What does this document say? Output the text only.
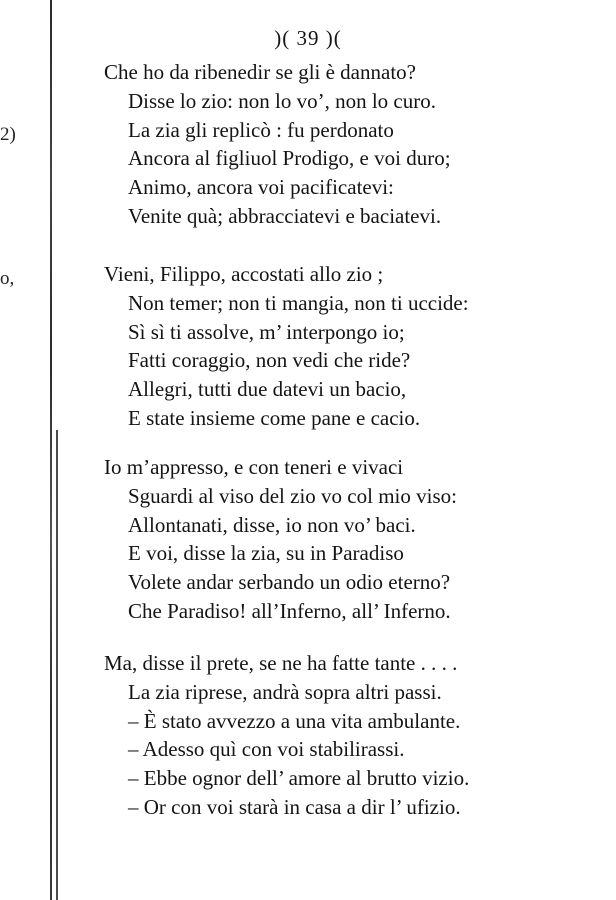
2)
o,
)( 39 )(
Che ho da ribenedir se gli è dannato?
Disse lo zio: non lo vo’, non lo curo.
La zia gli replicò : fu perdonato
Ancora al figliuol Prodigo, e voi duro;
Animo, ancora voi pacificatevi:
Venite quà; abbracciatevi e baciatevi.
Vieni, Filippo, accostati allo zio ;
Non temer; non ti mangia, non ti uccide:
Sì sì ti assolve, m’ interpongo io;
Fatti coraggio, non vedi che ride?
Allegri, tutti due datevi un bacio,
E state insieme come pane e cacio.
Io m’appresso, e con teneri e vivaci
Sguardi al viso del zio vo col mio viso:
Allontanati, disse, io non vo’ baci.
E voi, disse la zia, su in Paradiso
Volete andar serbando un odio eterno?
Che Paradiso! all’Inferno, all’ Inferno.
Ma, disse il prete, se ne ha fatte tante . . . .
La zia riprese, andrà sopra altri passi.
– È stato avvezzo a una vita ambulante.
– Adesso quì con voi stabilirassi.
– Ebbe ognor dell’ amore al brutto vizio.
– Or con voi starà in casa a dir l’ ufizio.
